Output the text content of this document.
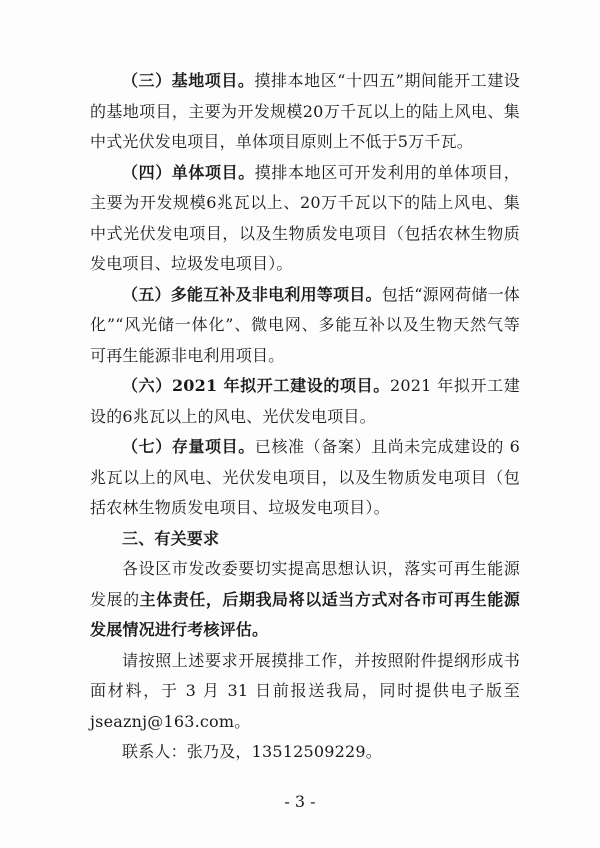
（三）基地项目。摸排本地区“十四五”期间能开工建设的基地项目，主要为开发规模20万千瓦以上的陆上风电、集中式光伏发电项目，单体项目原则上不低于5万千瓦。

（四）单体项目。摸排本地区可开发利用的单体项目，主要为开发规模6兆瓦以上、20万千瓦以下的陆上风电、集中式光伏发电项目，以及生物质发电项目（包括农林生物质发电项目、垃圾发电项目）。

（五）多能互补及非电利用等项目。包括“源网荷储一体化”“风光储一体化”、微电网、多能互补以及生物天然气等可再生能源非电利用项目。

（六）2021 年拟开工建设的项目。2021 年拟开工建设的6兆瓦以上的风电、光伏发电项目。

（七）存量项目。已核准（备案）且尚未完成建设的 6兆瓦以上的风电、光伏发电项目，以及生物质发电项目（包括农林生物质发电项目、垃圾发电项目）。

三、有关要求

各设区市发改委要切实提高思想认识，落实可再生能源发展的主体责任，后期我局将以适当方式对各市可再生能源发展情况进行考核评估。

请按照上述要求开展摸排工作，并按照附件提纲形成书面材料，于 3 月 31 日前报送我局，同时提供电子版至jseaznj@163.com。

联系人：张乃及，13512509229。

- 3 -
